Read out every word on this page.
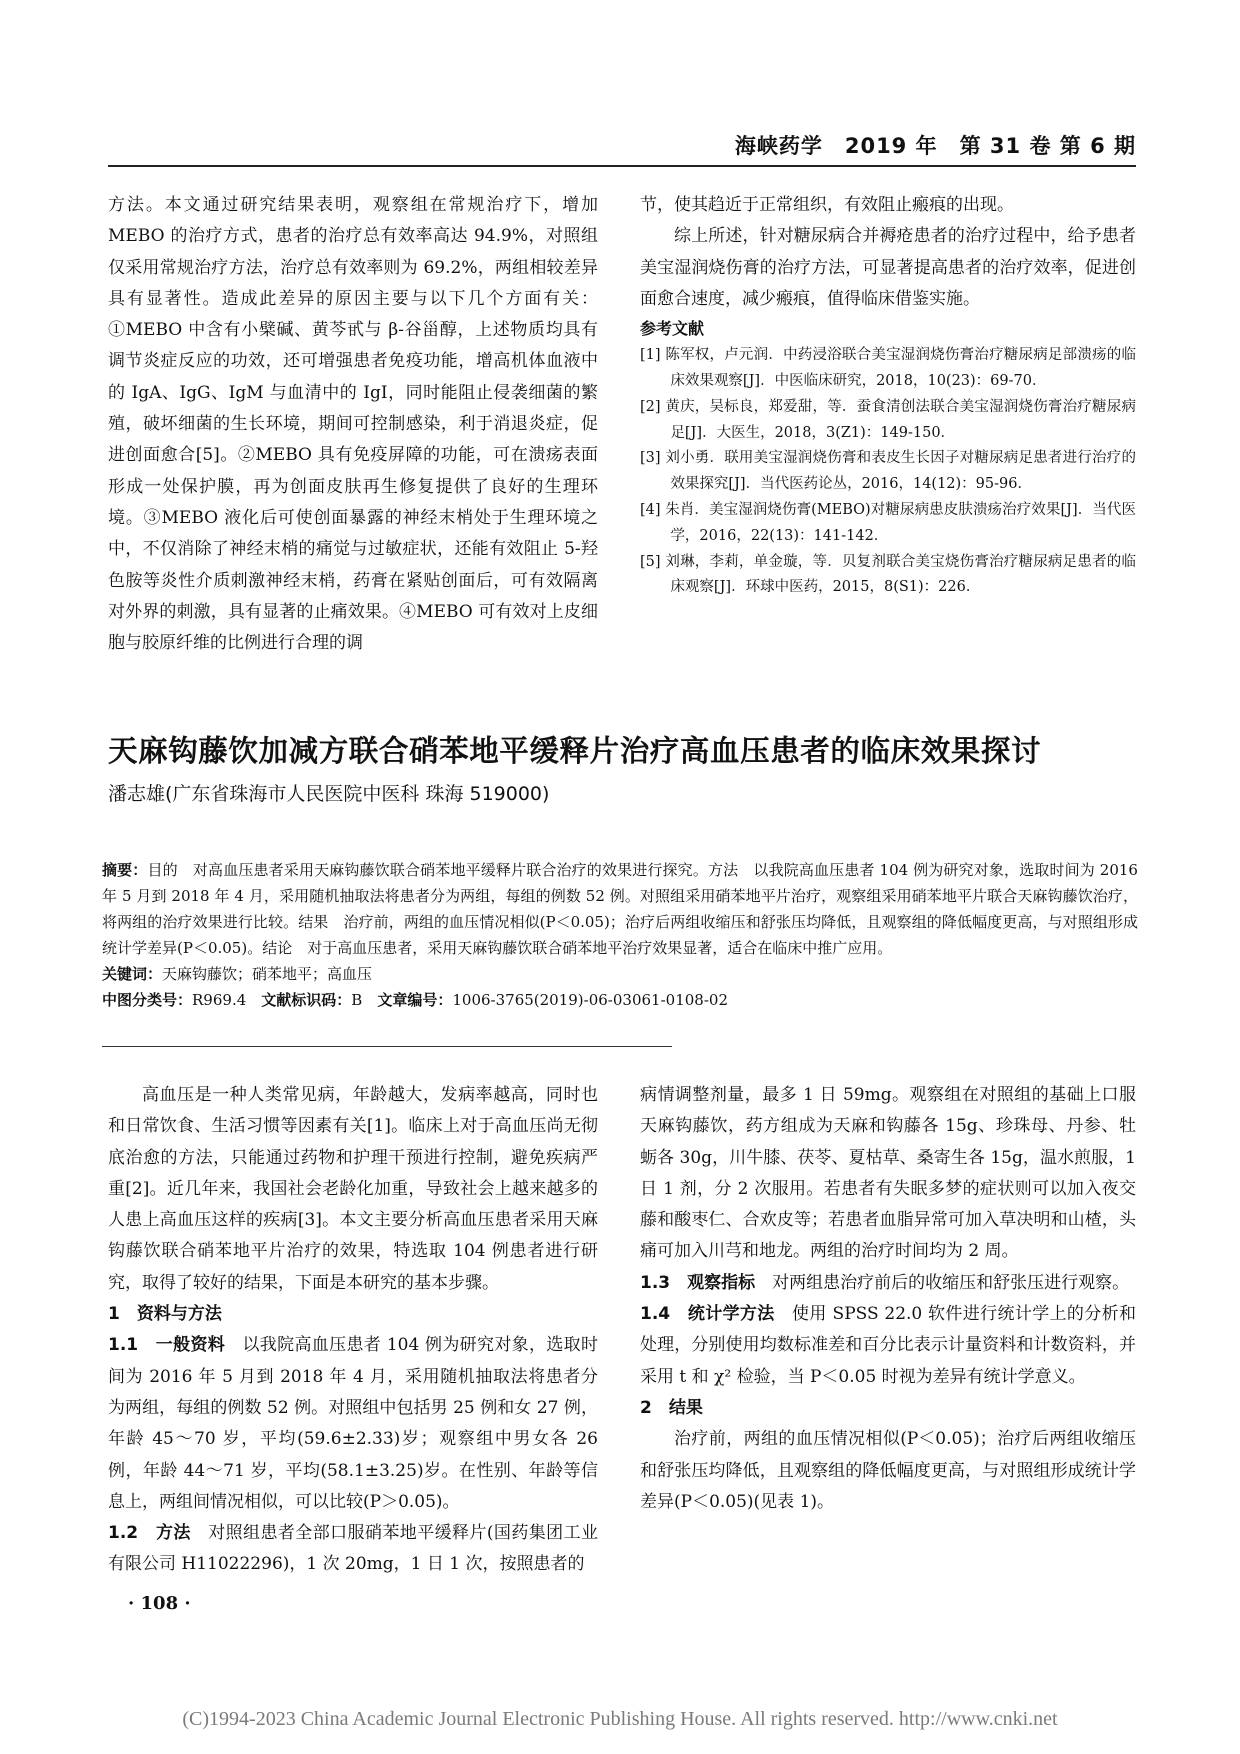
海峡药学　2019 年　第 31 卷 第 6 期

方法。本文通过研究结果表明，观察组在常规治疗下，增加 MEBO 的治疗方式，患者的治疗总有效率高达 94.9%，对照组仅采用常规治疗方法，治疗总有效率则为 69.2%，两组相较差异具有显著性。造成此差异的原因主要与以下几个方面有关：①MEBO 中含有小檗碱、黄芩甙与 β-谷甾醇，上述物质均具有调节炎症反应的功效，还可增强患者免疫功能，增高机体血液中的 IgA、IgG、IgM 与血清中的 IgI，同时能阻止侵袭细菌的繁殖，破坏细菌的生长环境，期间可控制感染，利于消退炎症，促进创面愈合[5]。②MEBO 具有免疫屏障的功能，可在溃疡表面形成一处保护膜，再为创面皮肤再生修复提供了良好的生理环境。③MEBO 液化后可使创面暴露的神经末梢处于生理环境之中，不仅消除了神经末梢的痛觉与过敏症状，还能有效阻止 5-羟色胺等炎性介质刺激神经末梢，药膏在紧贴创面后，可有效隔离对外界的刺激，具有显著的止痛效果。④MEBO 可有效对上皮细胞与胶原纤维的比例进行合理的调

节，使其趋近于正常组织，有效阻止瘢痕的出现。

综上所述，针对糖尿病合并褥疮患者的治疗过程中，给予患者美宝湿润烧伤膏的治疗方法，可显著提高患者的治疗效率，促进创面愈合速度，减少瘢痕，值得临床借鉴实施。

参考文献
[1] 陈军权，卢元润．中药浸浴联合美宝湿润烧伤膏治疗糖尿病足部溃疡的临床效果观察[J]．中医临床研究，2018，10(23)：69-70．
[2] 黄庆，吴标良，郑爱甜，等．蚕食清创法联合美宝湿润烧伤膏治疗糖尿病足[J]．大医生，2018，3(Z1)：149-150．
[3] 刘小勇．联用美宝湿润烧伤膏和表皮生长因子对糖尿病足患者进行治疗的效果探究[J]．当代医药论丛，2016，14(12)：95-96．
[4] 朱肖．美宝湿润烧伤膏(MEBO)对糖尿病患皮肤溃疡治疗效果[J]．当代医学，2016，22(13)：141-142．
[5] 刘琳，李莉，单金璇，等．贝复剂联合美宝烧伤膏治疗糖尿病足患者的临床观察[J]．环球中医药，2015，8(S1)：226．
天麻钩藤饮加减方联合硝苯地平缓释片治疗高血压患者的临床效果探讨
潘志雄(广东省珠海市人民医院中医科 珠海 519000)

摘要：目的　对高血压患者采用天麻钩藤饮联合硝苯地平缓释片联合治疗的效果进行探究。方法　以我院高血压患者 104 例为研究对象，选取时间为 2016 年 5 月到 2018 年 4 月，采用随机抽取法将患者分为两组，每组的例数 52 例。对照组采用硝苯地平片治疗，观察组采用硝苯地平片联合天麻钩藤饮治疗，将两组的治疗效果进行比较。结果　治疗前，两组的血压情况相似(P＜0.05)；治疗后两组收缩压和舒张压均降低，且观察组的降低幅度更高，与对照组形成统计学差异(P＜0.05)。结论　对于高血压患者，采用天麻钩藤饮联合硝苯地平治疗效果显著，适合在临床中推广应用。

关键词：天麻钩藤饮；硝苯地平；高血压

中图分类号：R969.4　 文献标识码：B　 文章编号：1006-3765(2019)-06-03061-0108-02

高血压是一种人类常见病，年龄越大，发病率越高，同时也和日常饮食、生活习惯等因素有关[1]。临床上对于高血压尚无彻底治愈的方法，只能通过药物和护理干预进行控制，避免疾病严重[2]。近几年来，我国社会老龄化加重，导致社会上越来越多的人患上高血压这样的疾病[3]。本文主要分析高血压患者采用天麻钩藤饮联合硝苯地平片治疗的效果，特选取 104 例患者进行研究，取得了较好的结果，下面是本研究的基本步骤。

1　资料与方法

1.1　一般资料　 以我院高血压患者 104 例为研究对象，选取时间为 2016 年 5 月到 2018 年 4 月，采用随机抽取法将患者分为两组，每组的例数 52 例。对照组中包括男 25 例和女 27 例，年龄 45～70 岁，平均(59.6±2.33)岁；观察组中男女各 26 例，年龄 44～71 岁，平均(58.1±3.25)岁。在性别、年龄等信息上，两组间情况相似，可以比较(P＞0.05)。

1.2　方法　 对照组患者全部口服硝苯地平缓释片(国药集团工业有限公司 H11022296)，1 次 20mg，1 日 1 次，按照患者的

病情调整剂量，最多 1 日 59mg。观察组在对照组的基础上口服天麻钩藤饮，药方组成为天麻和钩藤各 15g、珍珠母、丹参、牡蛎各 30g，川牛膝、茯苓、夏枯草、桑寄生各 15g，温水煎服，1 日 1 剂，分 2 次服用。若患者有失眠多梦的症状则可以加入夜交藤和酸枣仁、合欢皮等；若患者血脂异常可加入草决明和山楂，头痛可加入川芎和地龙。两组的治疗时间均为 2 周。

1.3　观察指标　 对两组患治疗前后的收缩压和舒张压进行观察。

1.4　统计学方法　 使用 SPSS 22.0 软件进行统计学上的分析和处理，分别使用均数标准差和百分比表示计量资料和计数资料，并采用 t 和 χ² 检验，当 P＜0.05 时视为差异有统计学意义。

2　结果

治疗前，两组的血压情况相似(P＜0.05)；治疗后两组收缩压和舒张压均降低，且观察组的降低幅度更高，与对照组形成统计学差异(P＜0.05)(见表 1)。

· 108 ·
(C)1994-2023 China Academic Journal Electronic Publishing House. All rights reserved. http://www.cnki.net
